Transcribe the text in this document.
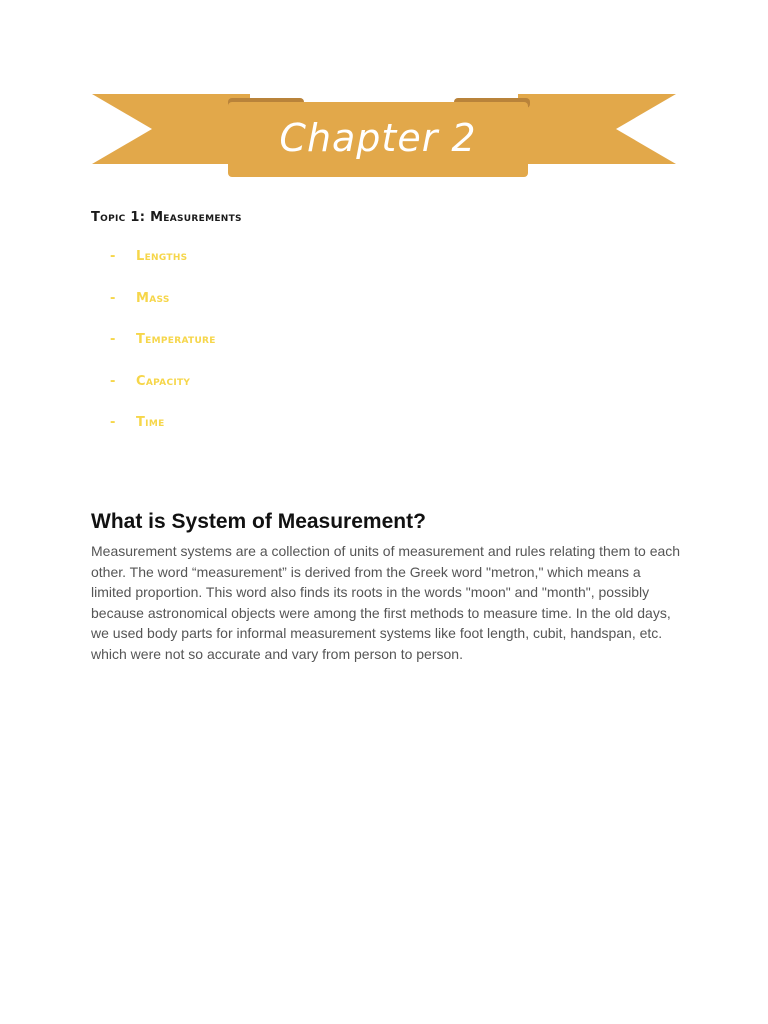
Chapter 2
Topic 1: Measurements
-	Lengths
-	Mass
-	Temperature
-	Capacity
-	Time
What is System of Measurement?

Measurement systems are a collection of units of measurement and rules relating them to each other. The word “measurement” is derived from the Greek word "metron," which means a limited proportion. This word also finds its roots in the words "moon" and "month", possibly because astronomical objects were among the first methods to measure time. In the old days, we used body parts for informal measurement systems like foot length, cubit, handspan, etc. which were not so accurate and vary from person to person.
